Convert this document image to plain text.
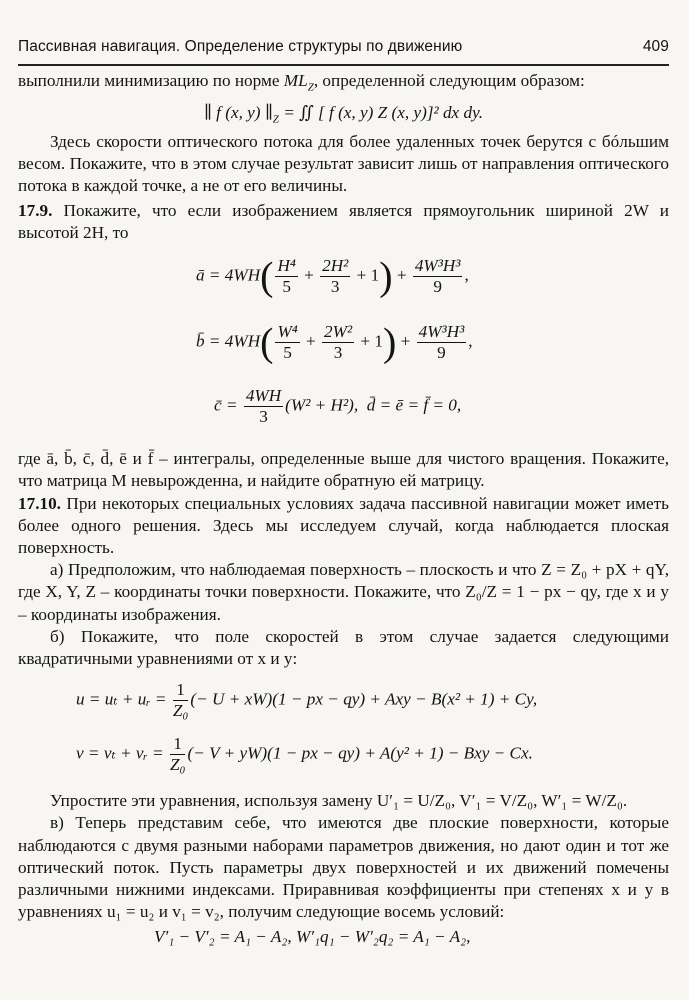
Пассивная навигация. Определение структуры по движению	409

выполнили минимизацию по норме $ML_Z$, определенной следующим образом:

∥ f (x, y) $\parallel_Z$ = ∬ [ f (x, y) Z (x, y)]² dx dy.

Здесь скорости оптического потока для более удаленных точек берутся с бóльшим весом. Покажите, что в этом случае результат зависит лишь от направления оптического потока в каждой точке, а не от его величины.

17.9. Покажите, что если изображением является прямоугольник шириной 2W и высотой 2H, то

ā = $4WH( \frac{\text{H⁴}}{5} + \frac{\text{2H²}}{3} + 1) + \frac{\text{4W³H³}}{9}$ ,
b̄ = $4WH( \frac{\text{W⁴}}{5} + \frac{\text{2W²}}{3} + 1) + \frac{\text{4W³H³}}{9}$ ,
c̄ = $\frac{4WH}{3} (W^2 + H^2)$, d̄ = ē = f̄ = 0,

где ā, b̄, c̄, d̄, ē и f̄ – интегралы, определенные выше для чистого вращения. Покажите, что матрица M невырожденна, и найдите обратную ей матрицу.

17.10. При некоторых специальных условиях задача пассивной навигации может иметь более одного решения. Здесь мы исследуем случай, когда наблюдается плоская поверхность.

а) Предположим, что наблюдаемая поверхность – плоскость и что Z = Z₀ + pX + qY, где X, Y, Z – координаты точки поверхности. Покажите, что Z₀/Z = 1 − px − qy, где x и y – координаты изображения.

б) Покажите, что поле скоростей в этом случае задается следующими квадратичными уравнениями от x и y:

u = uₜ + uᵣ = $\frac{1}{\text{Z₀}}$ (− U + xW)(1 − px − qy) + Axy − B(x² + 1) + Cy,
v = vₜ + vᵣ = $\frac{1}{\text{Z₀}}$ (− V + yW)(1 − px − qy) + A(y² + 1) − Bxy − Cx.

Упростите эти уравнения, используя замену U′₁ = U/Z₀, V′₁ = V/Z₀, W′₁ = W/Z₀.

в) Теперь представим себе, что имеются две плоские поверхности, которые наблюдаются с двумя разными наборами параметров движения, но дают один и тот же оптический поток. Пусть параметры двух поверхностей и их движений помечены различными нижними индексами. Приравнивая коэффициенты при степенях x и y в уравнениях u₁ = u₂ и v₁ = v₂, получим следующие восемь условий:

V′₁ − V′₂ = A₁ − A₂, W′₁q₁ − W′₂q₂ = A₁ − A₂,
